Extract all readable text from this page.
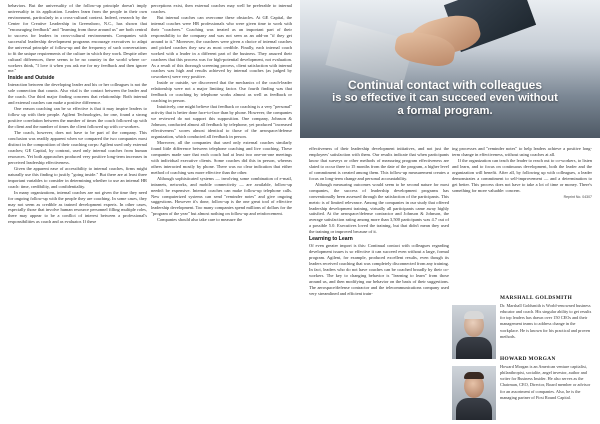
behaviors. But the universality of the follow-up principle doesn't imply universality in its application. Leaders learn from the people in their own environment, particularly in a cross-cultural context. Indeed, research by the Center for Creative Leadership in Greensboro, N.C., has shown that "encouraging feedback" and "learning from those around us" are both central to success for leaders in cross-cultural environments. Companies with successful leadership development programs encourage executives to adapt the universal principle of follow-up and the frequency of such conversations to fit the unique requirements of the culture in which they work. Despite other cultural differences, there seems to be no country in the world where co-workers think, "I love it when you ask me for my feedback and then ignore me."

Inside and Outside

Interaction between the developing leader and his or her colleagues is not the sole connection that counts. Also vital is the contact between the leader and the coach. Our third major finding concerns that relationship: Both internal and external coaches can make a positive difference.

One reason coaching can be so effective is that it may inspire leaders to follow up with their people. Agilent Technologies, for one, found a strong positive correlation between the number of times the coach followed up with the client and the number of times the client followed up with co-workers.

The coach, however, does not have to be part of the company. This conclusion was readily apparent when we compared the two companies most distinct in the composition of their coaching corps: Agilent used only external coaches; GE Capital, by contrast, used only internal coaches from human resources. Yet both approaches produced very positive long-term increases in perceived leadership effectiveness.

Given the apparent ease of accessibility to internal coaches, firms might naturally use this finding to justify "going inside." But there are at least three important variables to consider in determining whether to use an internal HR coach: time, credibility, and confidentiality.

In many organizations, internal coaches are not given the time they need for ongoing follow-up with the people they are coaching. In some cases, they may not seem as credible as trained development experts. In other cases, especially those that involve human resource personnel filling multiple roles, there may appear to be a conflict of interest between a professional's responsibilities as coach and as evaluator. If these

perceptions exist, then external coaches may well be preferable to internal coaches.

But internal coaches can overcome these obstacles. At GE Capital, the internal coaches were HR professionals who were given time to work with their "coachees." Coaching was treated as an important part of their responsibility to the company and was not seen as an add-on "if they get around to it." Moreover, the coachees were given a choice of internal coaches and picked coaches they saw as most credible. Finally, each internal coach worked with a leader in a different part of the business. They assured their coachees that this process was for high-potential development, not evaluation. As a result of this thorough screening process, client satisfaction with internal coaches was high and results achieved by internal coaches (as judged by coworkers) were very positive.

Inside or outside, we discovered that the mechanics of the coach-leader relationship were not a major limiting factor. Our fourth finding was that feedback or coaching by telephone works almost as well as feedback or coaching in person.

Intuitively, one might believe that feedback or coaching is a very "personal" activity that is better done face-to-face than by phone. However, the companies we reviewed do not support this supposition. One company, Johnson & Johnson, conducted almost all feedback by telephone, yet produced "increased effectiveness" scores almost identical to those of the aerospace/defense organization, which conducted all feedback in person.

Moreover, all the companies that used only external coaches similarly found little difference between telephone coaching and live coaching. These companies made sure that each coach had at least two one-on-one meetings with individual executive clients. Some coaches did this in person, whereas others interacted mostly by phone. There was no clear indication that either method of coaching was more effective than the other.

Although sophisticated systems — involving some combination of e-mail, intranets, networks, and mobile connectivity — are available, follow-up needn't be expensive. Internal coaches can make follow-up telephone calls. New computerized systems can send "reminder notes" and give ongoing suggestions. However it's done, follow-up is the one great tool of effective leadership development. Too many companies spend millions of dollars for the "program of the year" but almost nothing on follow-up and reinforcement.

Companies should also take care to measure the

Continual contact with colleagues
is so effective it can succeed even without
a formal program.

effectiveness of their leadership development initiatives, and not just the employees' satisfaction with them. Our results indicate that when participants know that surveys or other methods of measuring program effectiveness are slated to occur three to 15 months from the date of the program, a higher level of commitment is created among them. This follow-up measurement creates a focus on long-term change and personal accountability.

Although measuring outcomes would seem to be second nature for most companies, the success of leadership development programs has conventionally been assessed through the satisfaction of the participants. This metric is of limited relevance. Among the companies in our study that offered leadership development training, virtually all participants came away highly satisfied. At the aerospace/defense contractor and Johnson & Johnson, the average satisfaction rating among more than 3,500 participants was 4.7 out of a possible 5.0. Executives loved the training, but that didn't mean they used the training or improved because of it.

Learning to Learn

Of even greater import is this: Continual contact with colleagues regarding development issues is so effective it can succeed even without a large, formal program. Agilent, for example, produced excellent results, even though its leaders received coaching that was completely disconnected from any training. In fact, leaders who do not have coaches can be coached broadly by their co-workers. The key to changing behavior is "learning to learn" from those around us, and then modifying our behavior on the basis of their suggestions. The aerospace/defense contractor and the telecommunications company used very streamlined and efficient train-

ing processes and "reminder notes" to help leaders achieve a positive long-term change in effectiveness, without using coaches at all.

If the organization can teach the leader to reach out to co-workers, to listen and learn, and to focus on continuous development, both the leader and the organization will benefit. After all, by following up with colleagues, a leader demonstrates a commitment to self-improvement — and a determination to get better. This process does not have to take a lot of time or money. There's something for more valuable: concern.

Reprint No. 04307
MARSHALL GOLDSMITH
Dr. Marshall Goldsmith is World-renowned business educator and coach. His singular ability to get results for top leaders has drawn over 150 CEOs and their management teams to address change in the workplace. He is known for his practical and proven methods.
HOWARD MORGAN
Howard Morgan is an American venture capitalist, philanthropist, socialite, angel investor, author and writer for Business Insider. He also serves as the Chairman, CEO, Director, Board member or advisor for an assortment of companies. Also, he is the managing partner of First Round Capital.
